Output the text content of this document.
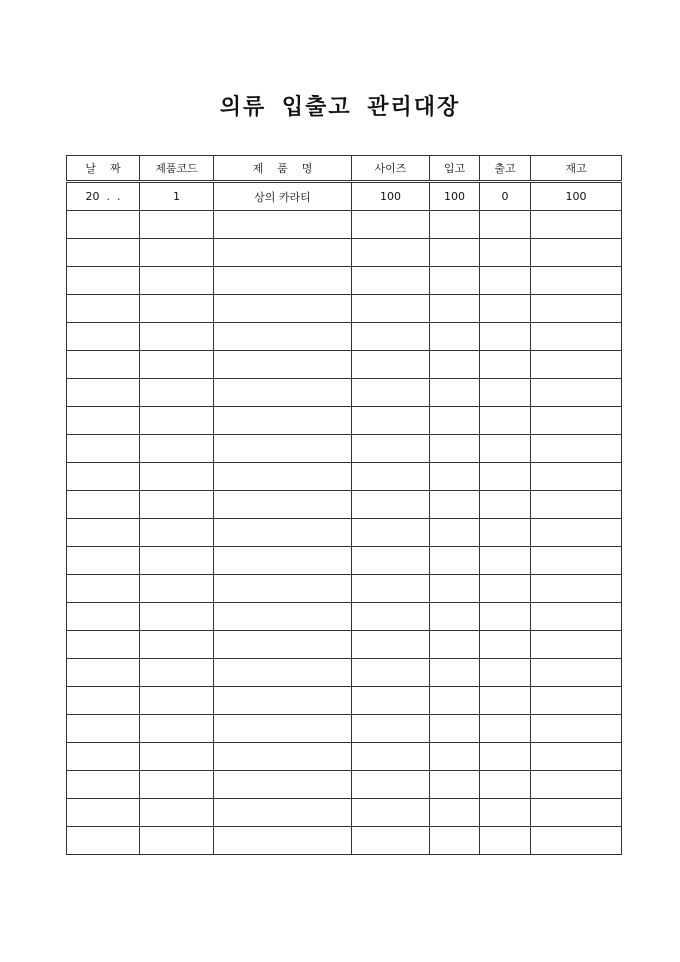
의류 입출고 관리대장
날    짜	제품코드	제    품    명	사이즈	입고	출고	재고
20  .  .	1	상의 카라티	100	100	0	100
